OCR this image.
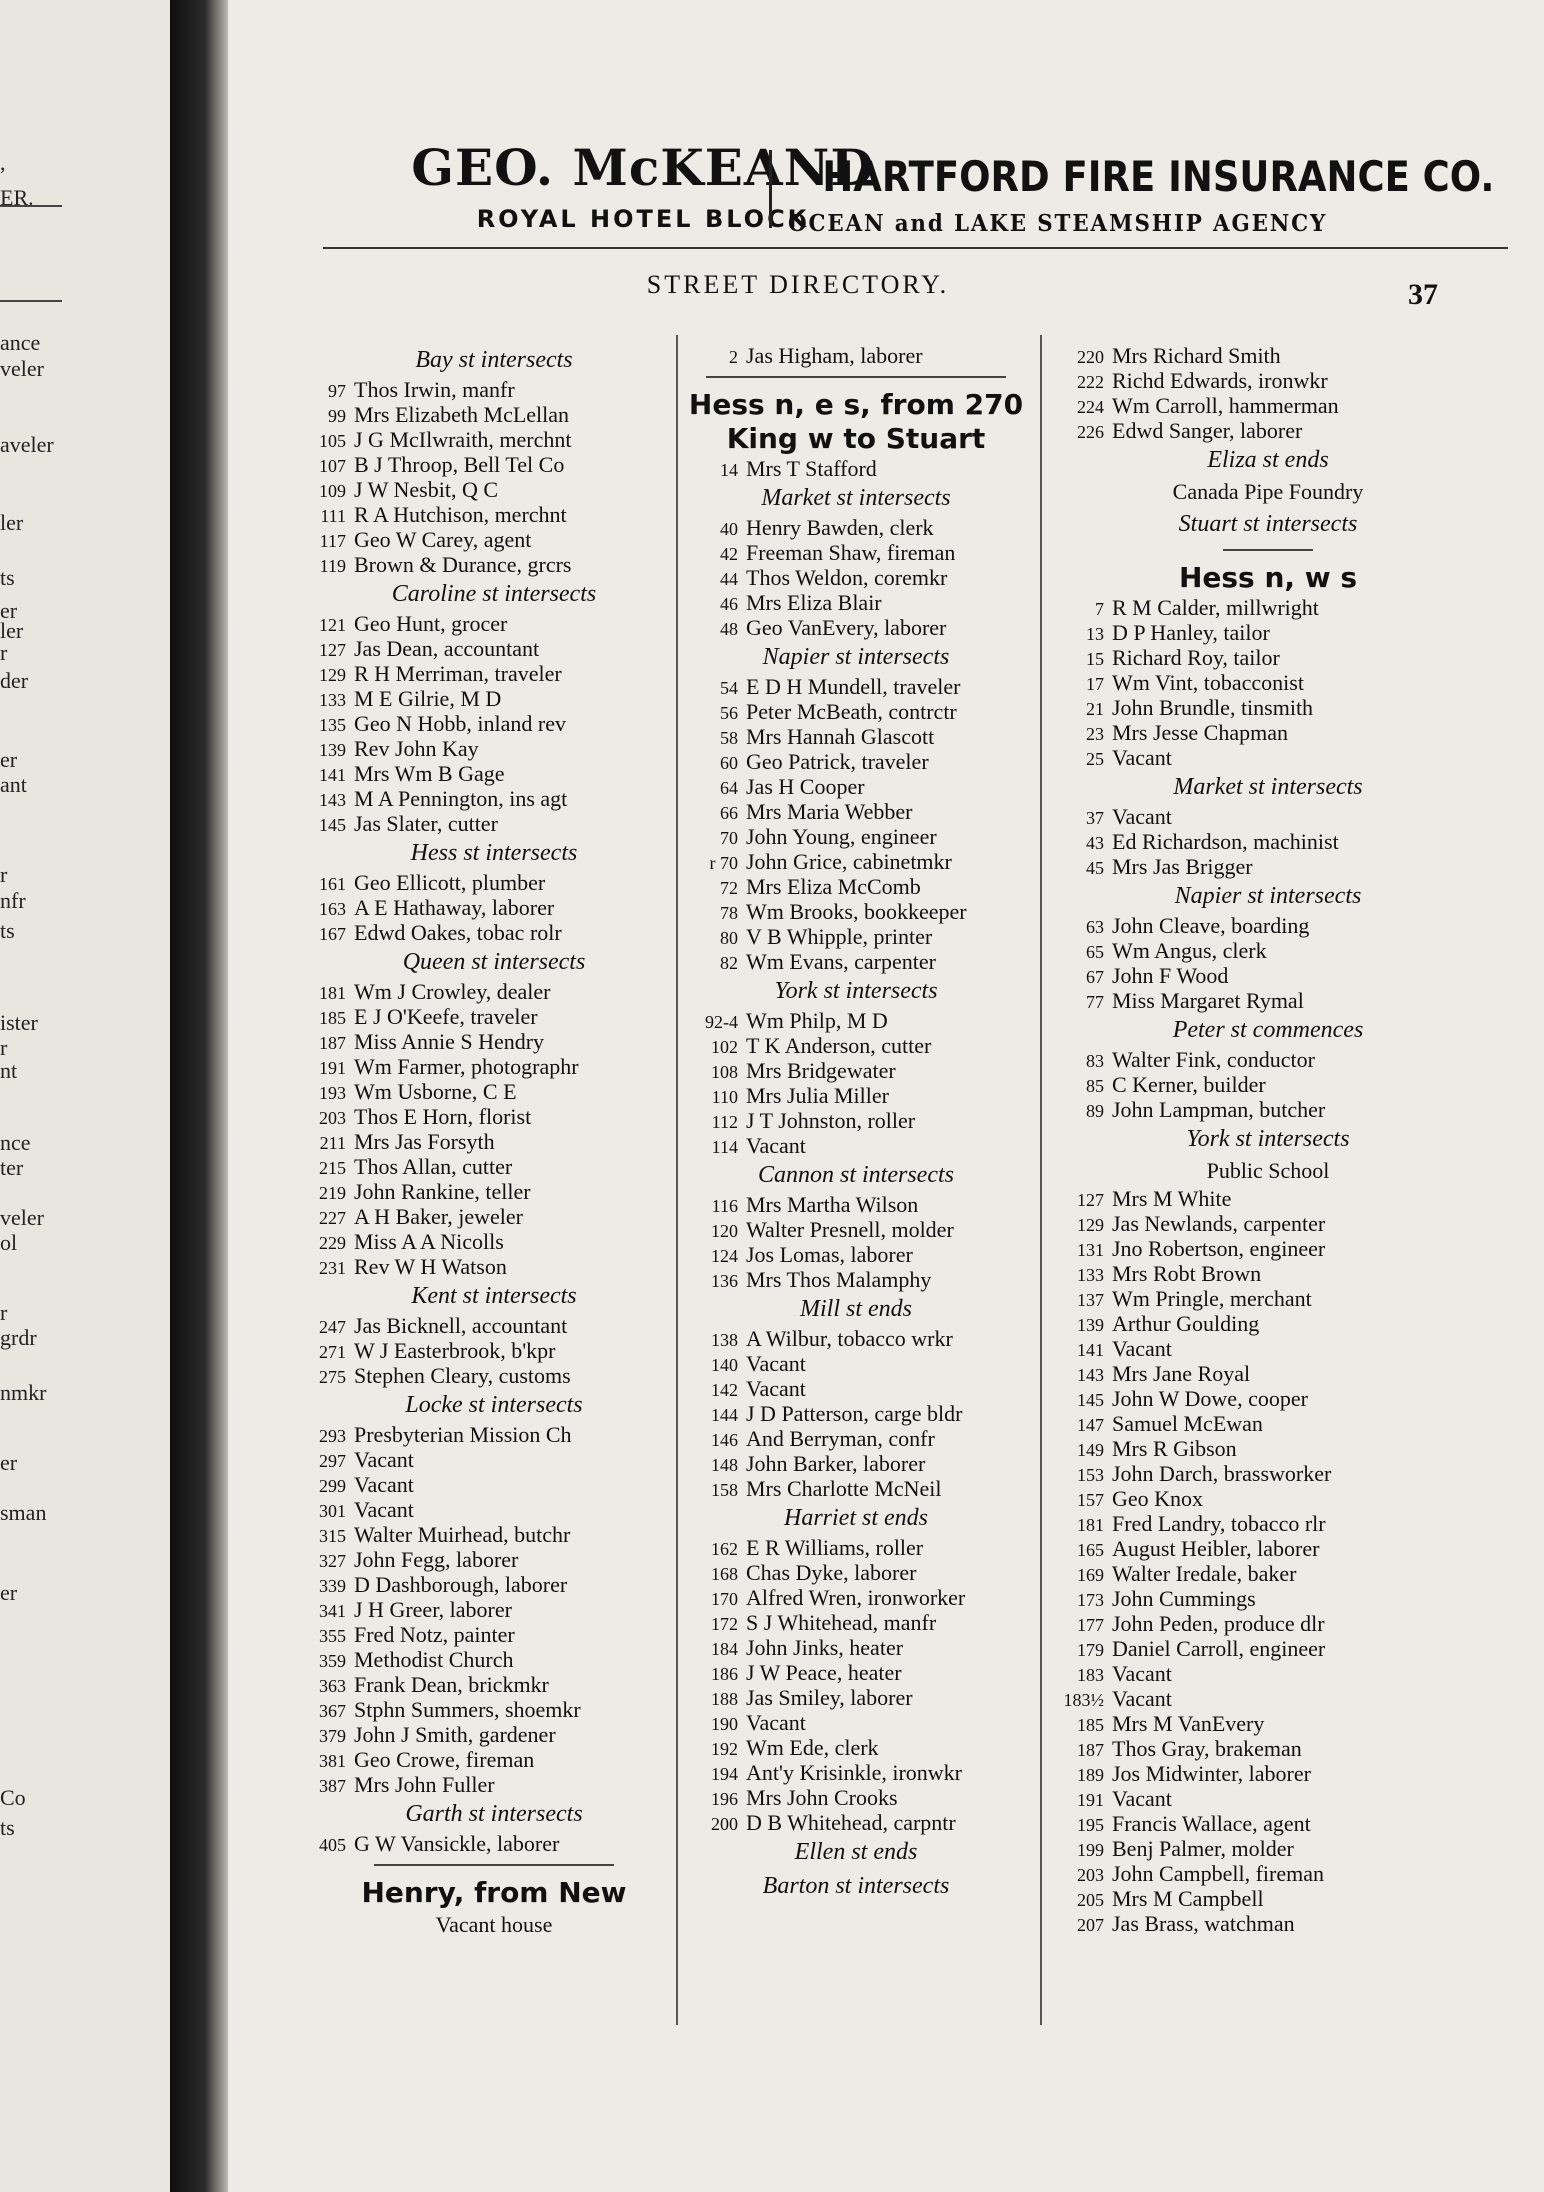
,
ER.
ance
veler
aveler
ler
ts
er
ler
r
der
er
ant
r
nfr
ts
ister
r
nt
nce
ter
veler
ol
r
grdr
nmkr
er
sman
er
Co
ts
GEO. McKEAND
ROYAL HOTEL BLOCK
HARTFORD FIRE INSURANCE CO.
OCEAN and LAKE STEAMSHIP AGENCY
STREET DIRECTORY.	37
Bay st intersects
97 Thos Irwin, manfr
99 Mrs Elizabeth McLellan
105 J G McIlwraith, merchnt
107 B J Throop, Bell Tel Co
109 J W Nesbit, Q C
111 R A Hutchison, merchnt
117 Geo W Carey, agent
119 Brown & Durance, grcrs
Caroline st intersects
121 Geo Hunt, grocer
127 Jas Dean, accountant
129 R H Merriman, traveler
133 M E Gilrie, M D
135 Geo N Hobb, inland rev
139 Rev John Kay
141 Mrs Wm B Gage
143 M A Pennington, ins agt
145 Jas Slater, cutter
Hess st intersects
161 Geo Ellicott, plumber
163 A E Hathaway, laborer
167 Edwd Oakes, tobac rolr
Queen st intersects
181 Wm J Crowley, dealer
185 E J O'Keefe, traveler
187 Miss Annie S Hendry
191 Wm Farmer, photographr
193 Wm Usborne, C E
203 Thos E Horn, florist
211 Mrs Jas Forsyth
215 Thos Allan, cutter
219 John Rankine, teller
227 A H Baker, jeweler
229 Miss A A Nicolls
231 Rev W H Watson
Kent st intersects
247 Jas Bicknell, accountant
271 W J Easterbrook, b'kpr
275 Stephen Cleary, customs
Locke st intersects
293 Presbyterian Mission Ch
297 Vacant
299 Vacant
301 Vacant
315 Walter Muirhead, butchr
327 John Fegg, laborer
339 D Dashborough, laborer
341 J H Greer, laborer
355 Fred Notz, painter
359 Methodist Church
363 Frank Dean, brickmkr
367 Stphn Summers, shoemkr
379 John J Smith, gardener
381 Geo Crowe, fireman
387 Mrs John Fuller
Garth st intersects
405 G W Vansickle, laborer
Henry, from New
Vacant house
2 Jas Higham, laborer
Hess n, e s, from 270
King w to Stuart
14 Mrs T Stafford
Market st intersects
40 Henry Bawden, clerk
42 Freeman Shaw, fireman
44 Thos Weldon, coremkr
46 Mrs Eliza Blair
48 Geo VanEvery, laborer
Napier st intersects
54 E D H Mundell, traveler
56 Peter McBeath, contrctr
58 Mrs Hannah Glascott
60 Geo Patrick, traveler
64 Jas H Cooper
66 Mrs Maria Webber
70 John Young, engineer
r 70 John Grice, cabinetmkr
72 Mrs Eliza McComb
78 Wm Brooks, bookkeeper
80 V B Whipple, printer
82 Wm Evans, carpenter
York st intersects
92-4 Wm Philp, M D
102 T K Anderson, cutter
108 Mrs Bridgewater
110 Mrs Julia Miller
112 J T Johnston, roller
114 Vacant
Cannon st intersects
116 Mrs Martha Wilson
120 Walter Presnell, molder
124 Jos Lomas, laborer
136 Mrs Thos Malamphy
Mill st ends
138 A Wilbur, tobacco wrkr
140 Vacant
142 Vacant
144 J D Patterson, carge bldr
146 And Berryman, confr
148 John Barker, laborer
158 Mrs Charlotte McNeil
Harriet st ends
162 E R Williams, roller
168 Chas Dyke, laborer
170 Alfred Wren, ironworker
172 S J Whitehead, manfr
184 John Jinks, heater
186 J W Peace, heater
188 Jas Smiley, laborer
190 Vacant
192 Wm Ede, clerk
194 Ant'y Krisinkle, ironwkr
196 Mrs John Crooks
200 D B Whitehead, carpntr
Ellen st ends
Barton st intersects
220 Mrs Richard Smith
222 Richd Edwards, ironwkr
224 Wm Carroll, hammerman
226 Edwd Sanger, laborer
Eliza st ends
Canada Pipe Foundry
Stuart st intersects
Hess n, w s
7 R M Calder, millwright
13 D P Hanley, tailor
15 Richard Roy, tailor
17 Wm Vint, tobacconist
21 John Brundle, tinsmith
23 Mrs Jesse Chapman
25 Vacant
Market st intersects
37 Vacant
43 Ed Richardson, machinist
45 Mrs Jas Brigger
Napier st intersects
63 John Cleave, boarding
65 Wm Angus, clerk
67 John F Wood
77 Miss Margaret Rymal
Peter st commences
83 Walter Fink, conductor
85 C Kerner, builder
89 John Lampman, butcher
York st intersects
Public School
127 Mrs M White
129 Jas Newlands, carpenter
131 Jno Robertson, engineer
133 Mrs Robt Brown
137 Wm Pringle, merchant
139 Arthur Goulding
141 Vacant
143 Mrs Jane Royal
145 John W Dowe, cooper
147 Samuel McEwan
149 Mrs R Gibson
153 John Darch, brassworker
157 Geo Knox
181 Fred Landry, tobacco rlr
165 August Heibler, laborer
169 Walter Iredale, baker
173 John Cummings
177 John Peden, produce dlr
179 Daniel Carroll, engineer
183 Vacant
183½ Vacant
185 Mrs M VanEvery
187 Thos Gray, brakeman
189 Jos Midwinter, laborer
191 Vacant
195 Francis Wallace, agent
199 Benj Palmer, molder
203 John Campbell, fireman
205 Mrs M Campbell
207 Jas Brass, watchman
